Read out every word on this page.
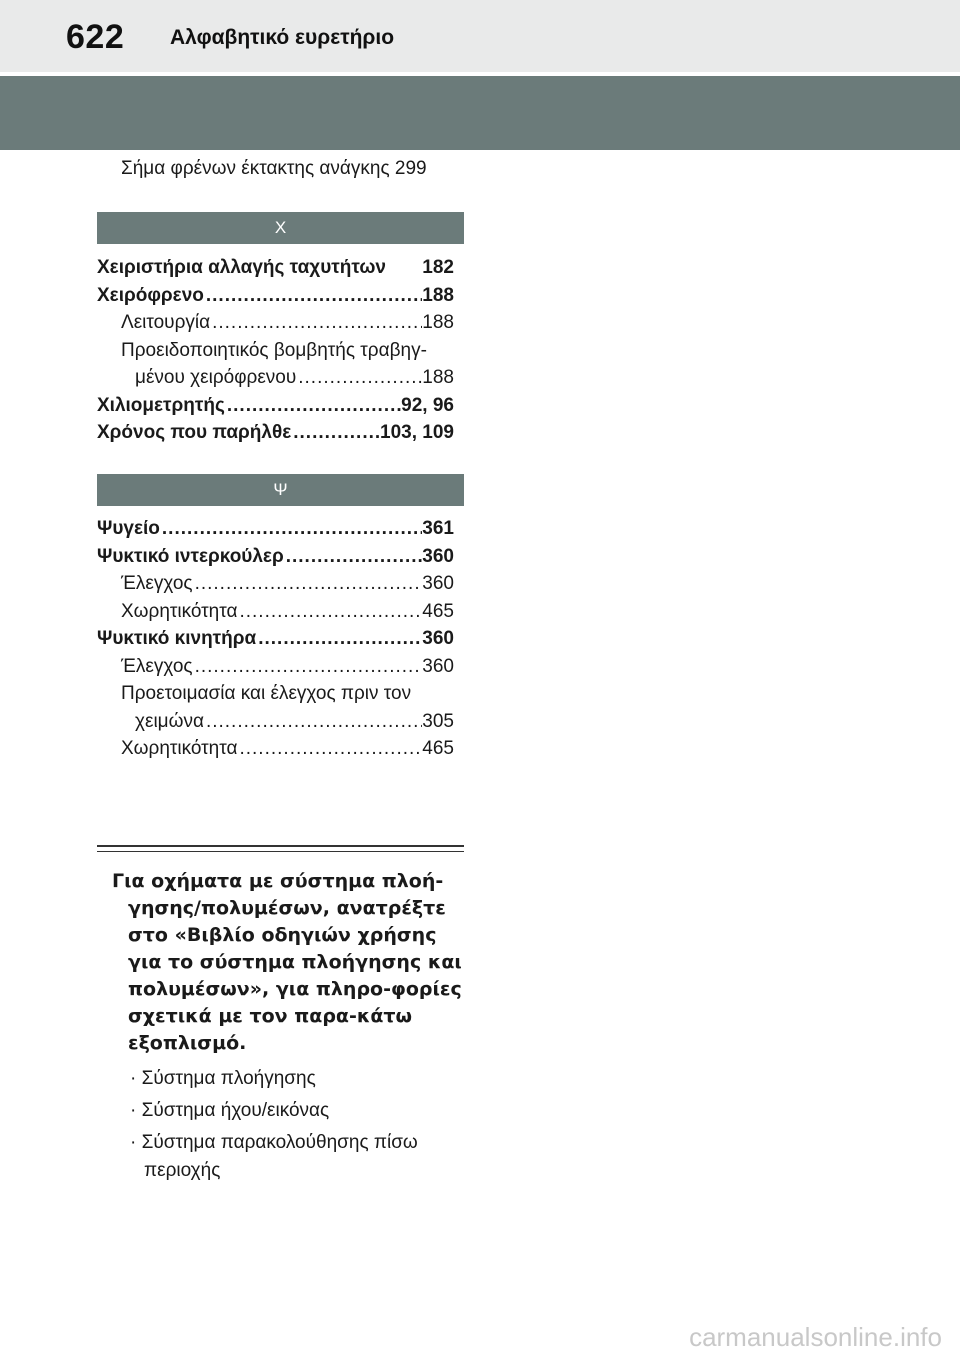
622 Αλφαβητικό ευρετήριο
Σήμα φρένων έκτακτης ανάγκης 299
Χ
Χειριστήρια αλλαγής ταχυτήτων 182
Χειρόφρενο .....	188
Λειτουργία .....	188
Προειδοποιητικός βομβητής τραβηγ-
μένου χειρόφρενου .....	188
Χιλιομετρητής .....	92, 96
Χρόνος που παρήλθε .....	103, 109
Ψ
Ψυγείο .....	361
Ψυκτικό ιντερκούλερ .....	360
Έλεγχος .....	360
Χωρητικότητα .....	465
Ψυκτικό κινητήρα .....	360
Έλεγχος .....	360
Προετοιμασία και έλεγχος πριν τον
χειμώνα .....	305
Χωρητικότητα .....	465
Για οχήματα με σύστημα πλοή-γησης/πολυμέσων, ανατρέξτε στο «Βιβλίο οδηγιών χρήσης για το σύστημα πλοήγησης και πολυμέσων», για πληρο-φορίες σχετικά με τον παρα-κάτω εξοπλισμό.
· Σύστημα πλοήγησης
· Σύστημα ήχου/εικόνας
· Σύστημα παρακολούθησης πίσω περιοχής
carmanualsonline.info
